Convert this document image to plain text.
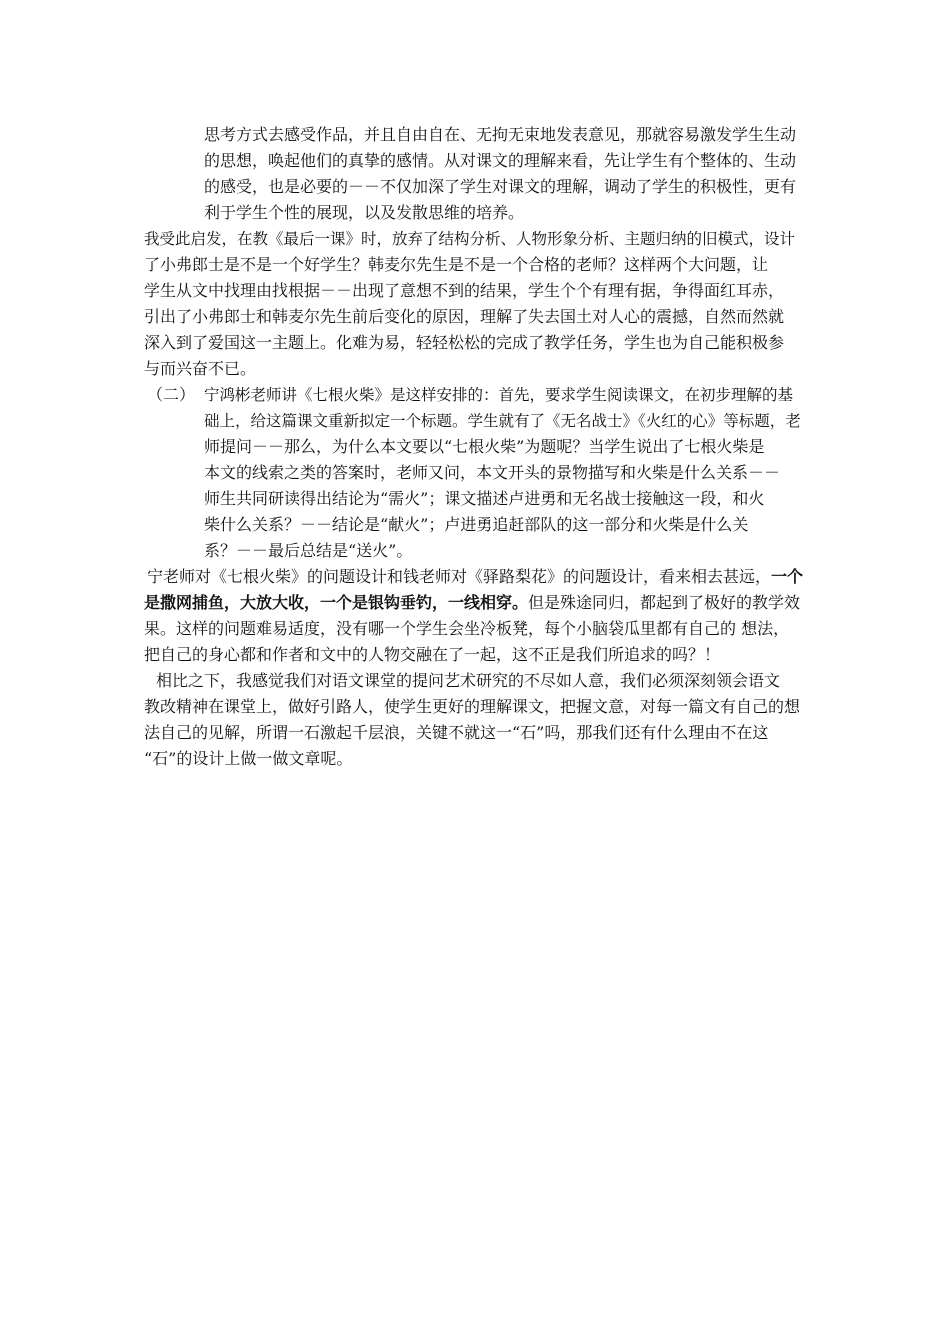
思考方式去感受作品，并且自由自在、无拘无束地发表意见，那就容易激发学生生动
的思想，唤起他们的真挚的感情。从对课文的理解来看，先让学生有个整体的、生动
的感受，也是必要的－－不仅加深了学生对课文的理解，调动了学生的积极性，更有
利于学生个性的展现，以及发散思维的培养。
我受此启发，在教《最后一课》时，放弃了结构分析、人物形象分析、主题归纳的旧模式，设计
了小弗郎士是不是一个好学生？韩麦尔先生是不是一个合格的老师？这样两个大问题，让
学生从文中找理由找根据－－出现了意想不到的结果，学生个个有理有据，争得面红耳赤，
引出了小弗郎士和韩麦尔先生前后变化的原因，理解了失去国土对人心的震撼，自然而然就
深入到了爱国这一主题上。化难为易，轻轻松松的完成了教学任务，学生也为自己能积极参
与而兴奋不已。
（二） 宁鸿彬老师讲《七根火柴》是这样安排的：首先，要求学生阅读课文，在初步理解的基
础上，给这篇课文重新拟定一个标题。学生就有了《无名战士》《火红的心》等标题，老
师提问－－那么，为什么本文要以“七根火柴”为题呢？当学生说出了七根火柴是
本文的线索之类的答案时，老师又问，本文开头的景物描写和火柴是什么关系－－
师生共同研读得出结论为“需火”；课文描述卢进勇和无名战士接触这一段，和火
柴什么关系？－－结论是“献火”；卢进勇追赶部队的这一部分和火柴是什么关
系？－－最后总结是“送火”。
宁老师对《七根火柴》的问题设计和钱老师对《驿路梨花》的问题设计，看来相去甚远， 一个
是撒网捕鱼，大放大收，一个是银钩垂钓，一线相穿。 但是殊途同归，都起到了极好的教学效
果。这样的问题难易适度，没有哪一个学生会坐冷板凳，每个小脑袋瓜里都有自己的 想法，
把自己的身心都和作者和文中的人物交融在了一起，这不正是我们所追求的吗？！
相比之下，我感觉我们对语文课堂的提问艺术研究的不尽如人意，我们必须深刻领会语文
教改精神在课堂上，做好引路人，使学生更好的理解课文，把握文意，对每一篇文有自己的想
法自己的见解，所谓一石激起千层浪，关键不就这一“石”吗，那我们还有什么理由不在这
“石”的设计上做一做文章呢。
